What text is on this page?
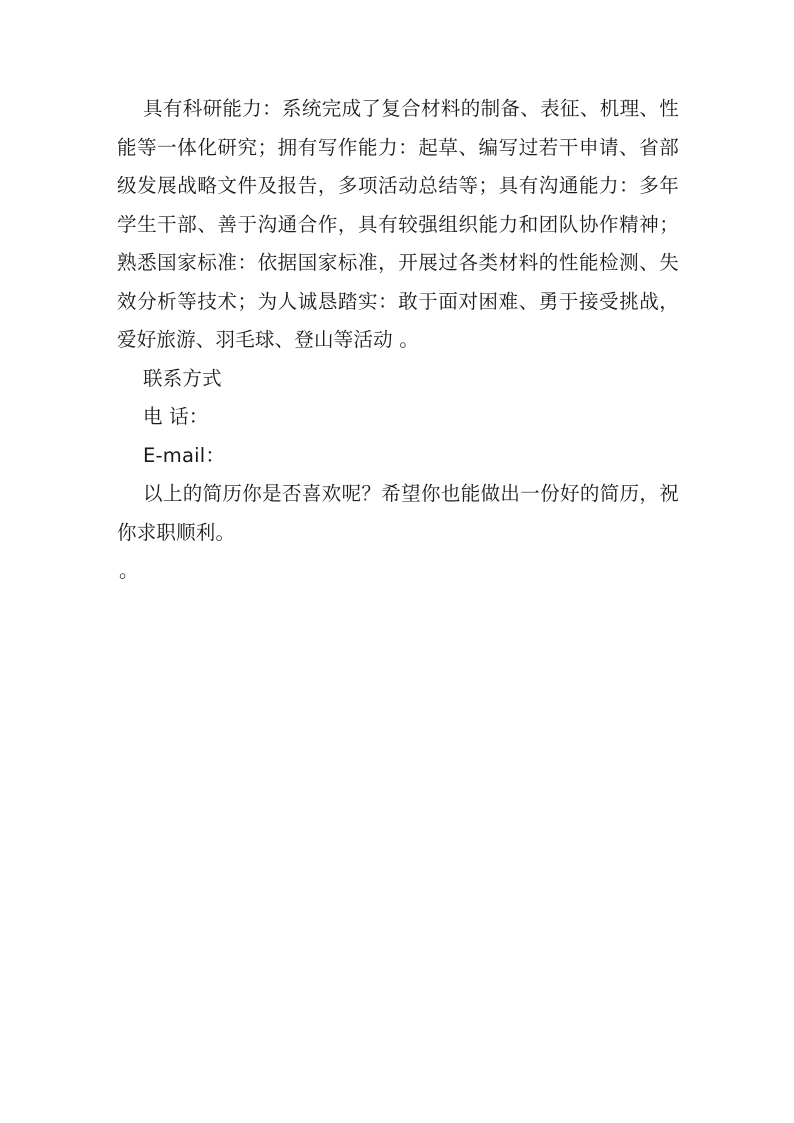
具有科研能力：系统完成了复合材料的制备、表征、机理、性能等一体化研究；拥有写作能力：起草、编写过若干申请、省部级发展战略文件及报告，多项活动总结等；具有沟通能力：多年学生干部、善于沟通合作，具有较强组织能力和团队协作精神；熟悉国家标准：依据国家标准，开展过各类材料的性能检测、失效分析等技术；为人诚恳踏实：敢于面对困难、勇于接受挑战，爱好旅游、羽毛球、登山等活动 。

联系方式

电 话：

E-mail：

以上的简历你是否喜欢呢？希望你也能做出一份好的简历，祝你求职顺利。

。
